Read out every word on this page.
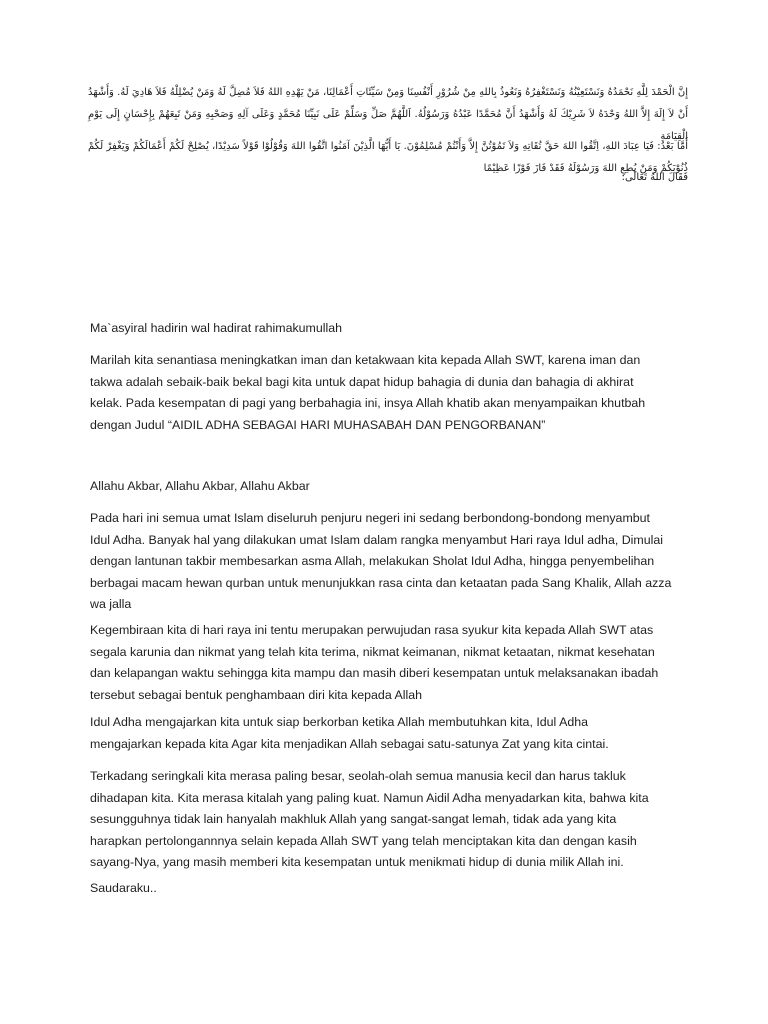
إِنَّ الْحَمْدَ لِلَّهِ نَحْمَدُهُ وَنَسْتَعِيْنُهُ وَنَسْتَغْفِرُهُ وَنَعُوذُ بِاللهِ مِنْ شُرُوْرِ أَنْفُسِنَا وَمِنْ سَيِّئَاتِ أَعْمَالِنَا، مَنْ يَهْدِهِ اللهُ فَلاَ مُضِلَّ لَهُ وَمَنْ يُضْلِلْهُ فَلاَ هَادِيَ لَهُ. وَأَشْهَدُ أَنْ لاَ إِلَهَ إِلاَّ اللهُ وَحْدَهُ لاَ شَرِيْكَ لَهُ وَأَشْهَدُ أَنَّ مُحَمَّدًا عَبْدُهُ وَرَسُوْلُهُ. اَللَّهُمَّ صَلِّ وَسَلِّمْ عَلَى نَبِيِّنَا مُحَمَّدٍ وَعَلَى آلِهِ وَصَحْبِهِ وَمَنْ تَبِعَهُمْ بِإِحْسَانٍ إِلَى يَوْمِ الْقِيَامَةِ
أَمَّا بَعْدُ: فَيَا عِبَادَ اللهِ، اِتَّقُوا اللهَ حَقَّ تُقَاتِهِ وَلاَ تَمُوْتُنَّ إِلاَّ وَأَنْتُمْ مُسْلِمُوْنَ. يَا أَيُّهَا الَّذِيْنَ آمَنُوا اتَّقُوا اللهَ وَقُوْلُوْا قَوْلاً سَدِيْدًا، يُصْلِحْ لَكُمْ أَعْمَالَكُمْ وَيَغْفِرْ لَكُمْ ذُنُوْبَكُمْ وَمَنْ يُطِعِ اللهَ وَرَسُوْلَهُ فَقَدْ فَازَ فَوْزًا عَظِيْمًا
فَقَالَ اللهُ تَعَالَى:

Ma`asyiral hadirin wal hadirat rahimakumullah

Marilah kita senantiasa meningkatkan iman dan ketakwaan kita kepada Allah SWT, karena iman dan
takwa adalah sebaik-baik bekal bagi kita untuk dapat hidup bahagia di dunia dan bahagia di akhirat
kelak. Pada kesempatan di pagi yang berbahagia ini, insya Allah khatib akan menyampaikan khutbah
dengan Judul “AIDIL ADHA SEBAGAI HARI MUHASABAH DAN PENGORBANAN”

Allahu Akbar, Allahu Akbar, Allahu Akbar

Pada hari ini semua umat Islam diseluruh penjuru negeri ini sedang berbondong-bondong menyambut
Idul Adha. Banyak hal yang dilakukan umat Islam dalam rangka menyambut Hari raya Idul adha, Dimulai
dengan lantunan takbir membesarkan asma Allah, melakukan Sholat Idul Adha, hingga penyembelihan
berbagai macam hewan qurban untuk menunjukkan rasa cinta dan ketaatan pada Sang Khalik, Allah azza
wa jalla

Kegembiraan kita di hari raya ini tentu merupakan perwujudan rasa syukur kita kepada Allah SWT atas
segala karunia dan nikmat yang telah kita terima, nikmat keimanan, nikmat ketaatan, nikmat kesehatan
dan kelapangan waktu sehingga kita mampu dan masih diberi kesempatan untuk melaksanakan ibadah
tersebut sebagai bentuk penghambaan diri kita kepada Allah

Idul Adha mengajarkan kita untuk siap berkorban ketika Allah membutuhkan kita, Idul Adha
mengajarkan kepada kita Agar kita menjadikan Allah sebagai satu-satunya Zat yang kita cintai.

Terkadang seringkali kita merasa paling besar, seolah-olah semua manusia kecil dan harus takluk
dihadapan kita. Kita merasa kitalah yang paling kuat. Namun Aidil Adha menyadarkan kita, bahwa kita
sesungguhnya tidak lain hanyalah makhluk Allah yang sangat-sangat lemah, tidak ada yang kita
harapkan pertolongannnya selain kepada Allah SWT yang telah menciptakan kita dan dengan kasih
sayang-Nya, yang masih memberi kita kesempatan untuk menikmati hidup di dunia milik Allah ini.

Saudaraku..
